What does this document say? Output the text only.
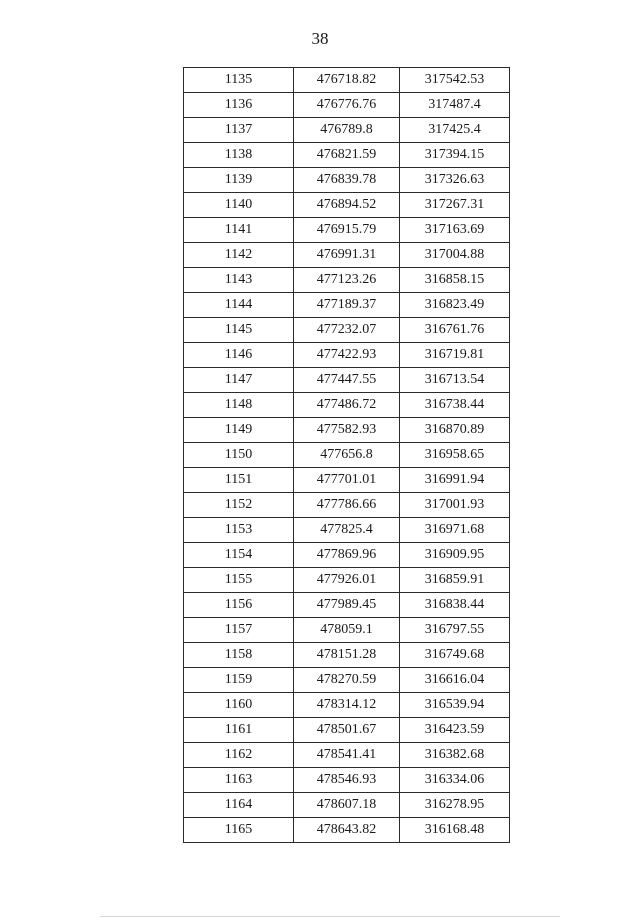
38
1135	476718.82	317542.53
1136	476776.76	317487.4
1137	476789.8	317425.4
1138	476821.59	317394.15
1139	476839.78	317326.63
1140	476894.52	317267.31
1141	476915.79	317163.69
1142	476991.31	317004.88
1143	477123.26	316858.15
1144	477189.37	316823.49
1145	477232.07	316761.76
1146	477422.93	316719.81
1147	477447.55	316713.54
1148	477486.72	316738.44
1149	477582.93	316870.89
1150	477656.8	316958.65
1151	477701.01	316991.94
1152	477786.66	317001.93
1153	477825.4	316971.68
1154	477869.96	316909.95
1155	477926.01	316859.91
1156	477989.45	316838.44
1157	478059.1	316797.55
1158	478151.28	316749.68
1159	478270.59	316616.04
1160	478314.12	316539.94
1161	478501.67	316423.59
1162	478541.41	316382.68
1163	478546.93	316334.06
1164	478607.18	316278.95
1165	478643.82	316168.48
